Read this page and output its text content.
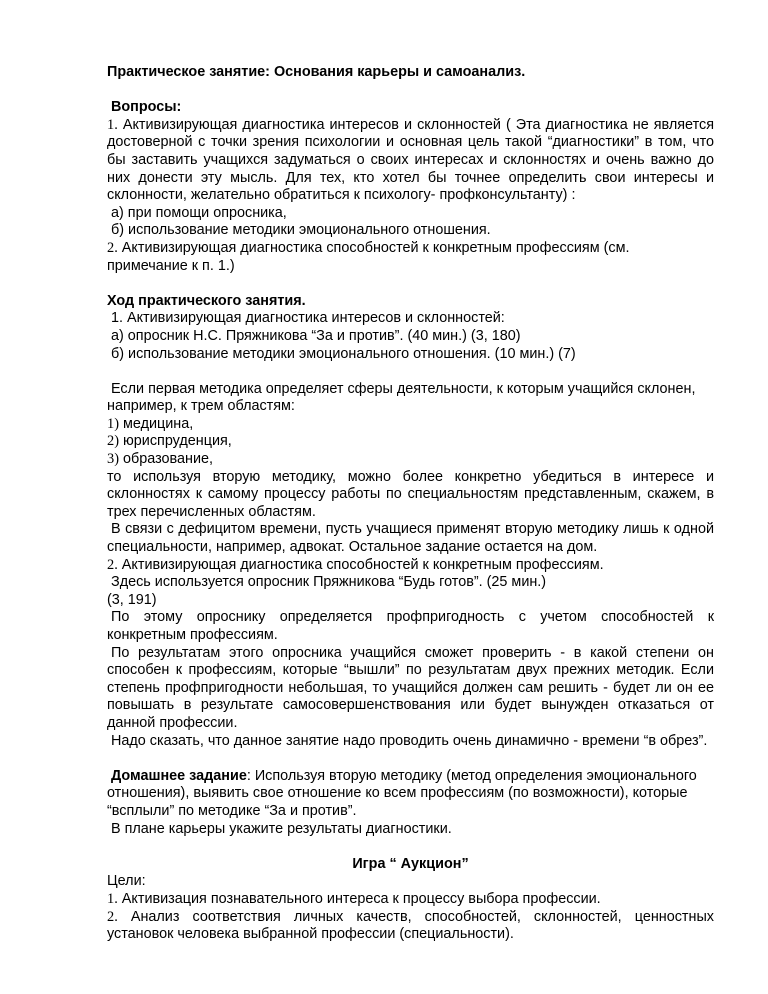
Практическое занятие: Основания карьеры и самоанализ.

Вопросы:

1. Активизирующая диагностика интересов и склонностей ( Эта диагностика не является достоверной с точки зрения психологии и основная цель такой “диагностики” в том, что бы заставить учащихся задуматься о своих интересах и склонностях и очень важно до них донести эту мысль. Для тех, кто хотел бы точнее определить свои интересы и склонности, желательно обратиться к психологу- профконсультанту) :

а) при помощи опросника,

б) использование методики эмоционального отношения.

2. Активизирующая диагностика способностей к конкретным профессиям (см. примечание к п. 1.)

Ход практического занятия.

1. Активизирующая диагностика интересов и склонностей:

а) опросник Н.С. Пряжникова “За и против”. (40 мин.) (3, 180)

б) использование методики эмоционального отношения. (10 мин.) (7)

Если первая методика определяет сферы деятельности, к которым учащийся склонен, например, к трем областям:

1) медицина,

2) юриспруденция,

3) образование,

то используя вторую методику, можно более конкретно убедиться в интересе и склонностях к самому процессу работы по специальностям представленным, скажем, в трех перечисленных областям.

В связи с дефицитом времени, пусть учащиеся применят вторую методику лишь к одной специальности, например, адвокат. Остальное задание остается на дом.

2. Активизирующая диагностика способностей к конкретным профессиям.

Здесь используется опросник Пряжникова “Будь готов”. (25 мин.)

(3, 191)

По этому опроснику определяется профпригодность с учетом способностей к конкретным профессиям.

По результатам этого опросника учащийся сможет проверить - в какой степени он способен к профессиям, которые “вышли” по результатам двух прежних методик. Если степень профпригодности небольшая, то учащийся должен сам решить - будет ли он ее повышать в результате самосовершенствования или будет вынужден отказаться от данной профессии.

Надо сказать, что данное занятие надо проводить очень динамично - времени “в обрез”.

Домашнее задание: Используя вторую методику (метод определения эмоционального отношения), выявить свое отношение ко всем профессиям (по возможности), которые “всплыли” по методике “За и против”.

В плане карьеры укажите результаты диагностики.

Игра “ Аукцион”

Цели:

1. Активизация познавательного интереса к процессу выбора профессии.

2. Анализ соответствия личных качеств, способностей, склонностей, ценностных установок человека выбранной профессии (специальности).
